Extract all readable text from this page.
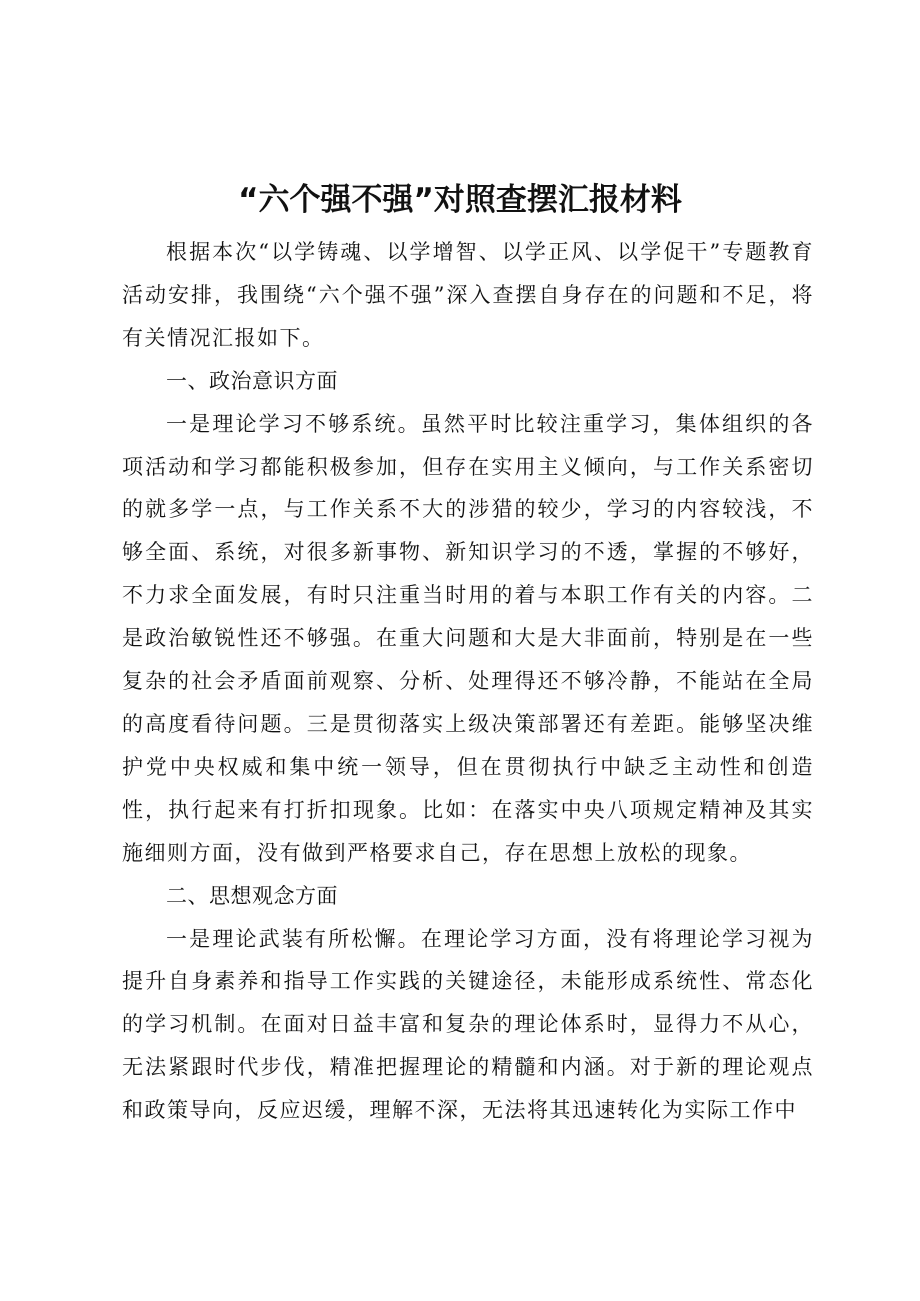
“六个强不强”对照查摆汇报材料

根据本次“以学铸魂、以学增智、以学正风、以学促干”专题教育活动安排，我围绕“六个强不强”深入查摆自身存在的问题和不足，将有关情况汇报如下。

一、政治意识方面

一是理论学习不够系统。虽然平时比较注重学习，集体组织的各项活动和学习都能积极参加，但存在实用主义倾向，与工作关系密切的就多学一点，与工作关系不大的涉猎的较少，学习的内容较浅，不够全面、系统，对很多新事物、新知识学习的不透，掌握的不够好，不力求全面发展，有时只注重当时用的着与本职工作有关的内容。二是政治敏锐性还不够强。在重大问题和大是大非面前，特别是在一些复杂的社会矛盾面前观察、分析、处理得还不够冷静，不能站在全局的高度看待问题。三是贯彻落实上级决策部署还有差距。能够坚决维护党中央权威和集中统一领导，但在贯彻执行中缺乏主动性和创造性，执行起来有打折扣现象。比如：在落实中央八项规定精神及其实施细则方面，没有做到严格要求自己，存在思想上放松的现象。

二、思想观念方面

一是理论武装有所松懈。在理论学习方面，没有将理论学习视为提升自身素养和指导工作实践的关键途径，未能形成系统性、常态化的学习机制。在面对日益丰富和复杂的理论体系时，显得力不从心，无法紧跟时代步伐，精准把握理论的精髓和内涵。对于新的理论观点和政策导向，反应迟缓，理解不深，无法将其迅速转化为实际工作中
